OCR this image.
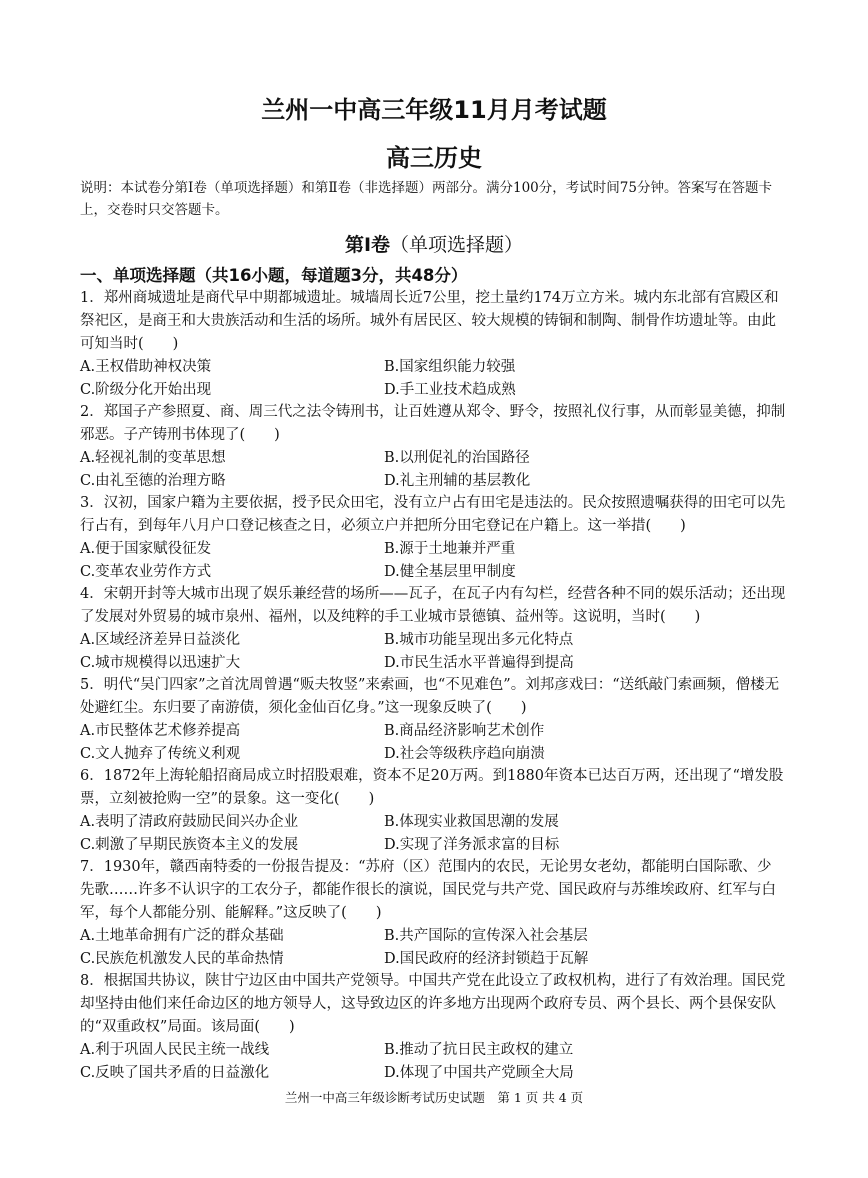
兰州一中高三年级11月月考试题
高三历史

说明：本试卷分第Ⅰ卷（单项选择题）和第Ⅱ卷（非选择题）两部分。满分100分，考试时间75分钟。答案写在答题卡上，交卷时只交答题卡。

第Ⅰ卷（单项选择题）
一、单项选择题（共16小题，每道题3分，共48分）

1．郑州商城遗址是商代早中期都城遗址。城墙周长近7公里，挖土量约174万立方米。城内东北部有宫殿区和祭祀区，是商王和大贵族活动和生活的场所。城外有居民区、较大规模的铸铜和制陶、制骨作坊遗址等。由此可知当时(　　)

A.王权借助神权决策	B.国家组织能力较强
C.阶级分化开始出现	D.手工业技术趋成熟

2．郑国子产参照夏、商、周三代之法令铸刑书，让百姓遵从郑令、野令，按照礼仪行事，从而彰显美德，抑制邪恶。子产铸刑书体现了(　　)

A.轻视礼制的变革思想	B.以刑促礼的治国路径
C.由礼至德的治理方略	D.礼主刑辅的基层教化

3．汉初，国家户籍为主要依据，授予民众田宅，没有立户占有田宅是违法的。民众按照遗嘱获得的田宅可以先行占有，到每年八月户口登记核查之日，必须立户并把所分田宅登记在户籍上。这一举措(　　)

A.便于国家赋役征发	B.源于土地兼并严重
C.变革农业劳作方式	D.健全基层里甲制度

4．宋朝开封等大城市出现了娱乐兼经营的场所——瓦子，在瓦子内有勾栏，经营各种不同的娱乐活动；还出现了发展对外贸易的城市泉州、福州，以及纯粹的手工业城市景德镇、益州等。这说明，当时(　　)

A.区域经济差异日益淡化	B.城市功能呈现出多元化特点
C.城市规模得以迅速扩大	D.市民生活水平普遍得到提高

5．明代“吴门四家”之首沈周曾遇“贩夫牧竖”来索画，也“不见难色”。刘邦彦戏曰：“送纸敲门索画频，僧楼无处避红尘。东归要了南游债，须化金仙百亿身。”这一现象反映了(　　)

A.市民整体艺术修养提高	B.商品经济影响艺术创作
C.文人抛弃了传统义利观	D.社会等级秩序趋向崩溃

6．1872年上海轮船招商局成立时招股艰难，资本不足20万两。到1880年资本已达百万两，还出现了“增发股票，立刻被抢购一空”的景象。这一变化(　　)

A.表明了清政府鼓励民间兴办企业	B.体现实业救国思潮的发展
C.刺激了早期民族资本主义的发展	D.实现了洋务派求富的目标

7．1930年，赣西南特委的一份报告提及：“苏府（区）范围内的农民，无论男女老幼，都能明白国际歌、少先歌……许多不认识字的工农分子，都能作很长的演说，国民党与共产党、国民政府与苏维埃政府、红军与白军，每个人都能分别、能解释。”这反映了(　　)

A.土地革命拥有广泛的群众基础	B.共产国际的宣传深入社会基层
C.民族危机激发人民的革命热情	D.国民政府的经济封锁趋于瓦解

8．根据国共协议，陕甘宁边区由中国共产党领导。中国共产党在此设立了政权机构，进行了有效治理。国民党却坚持由他们来任命边区的地方领导人，这导致边区的许多地方出现两个政府专员、两个县长、两个县保安队的“双重政权”局面。该局面(　　)

A.利于巩固人民民主统一战线	B.推动了抗日民主政权的建立
C.反映了国共矛盾的日益激化	D.体现了中国共产党顾全大局
兰州一中高三年级诊断考试历史试题　第 1 页 共 4 页
